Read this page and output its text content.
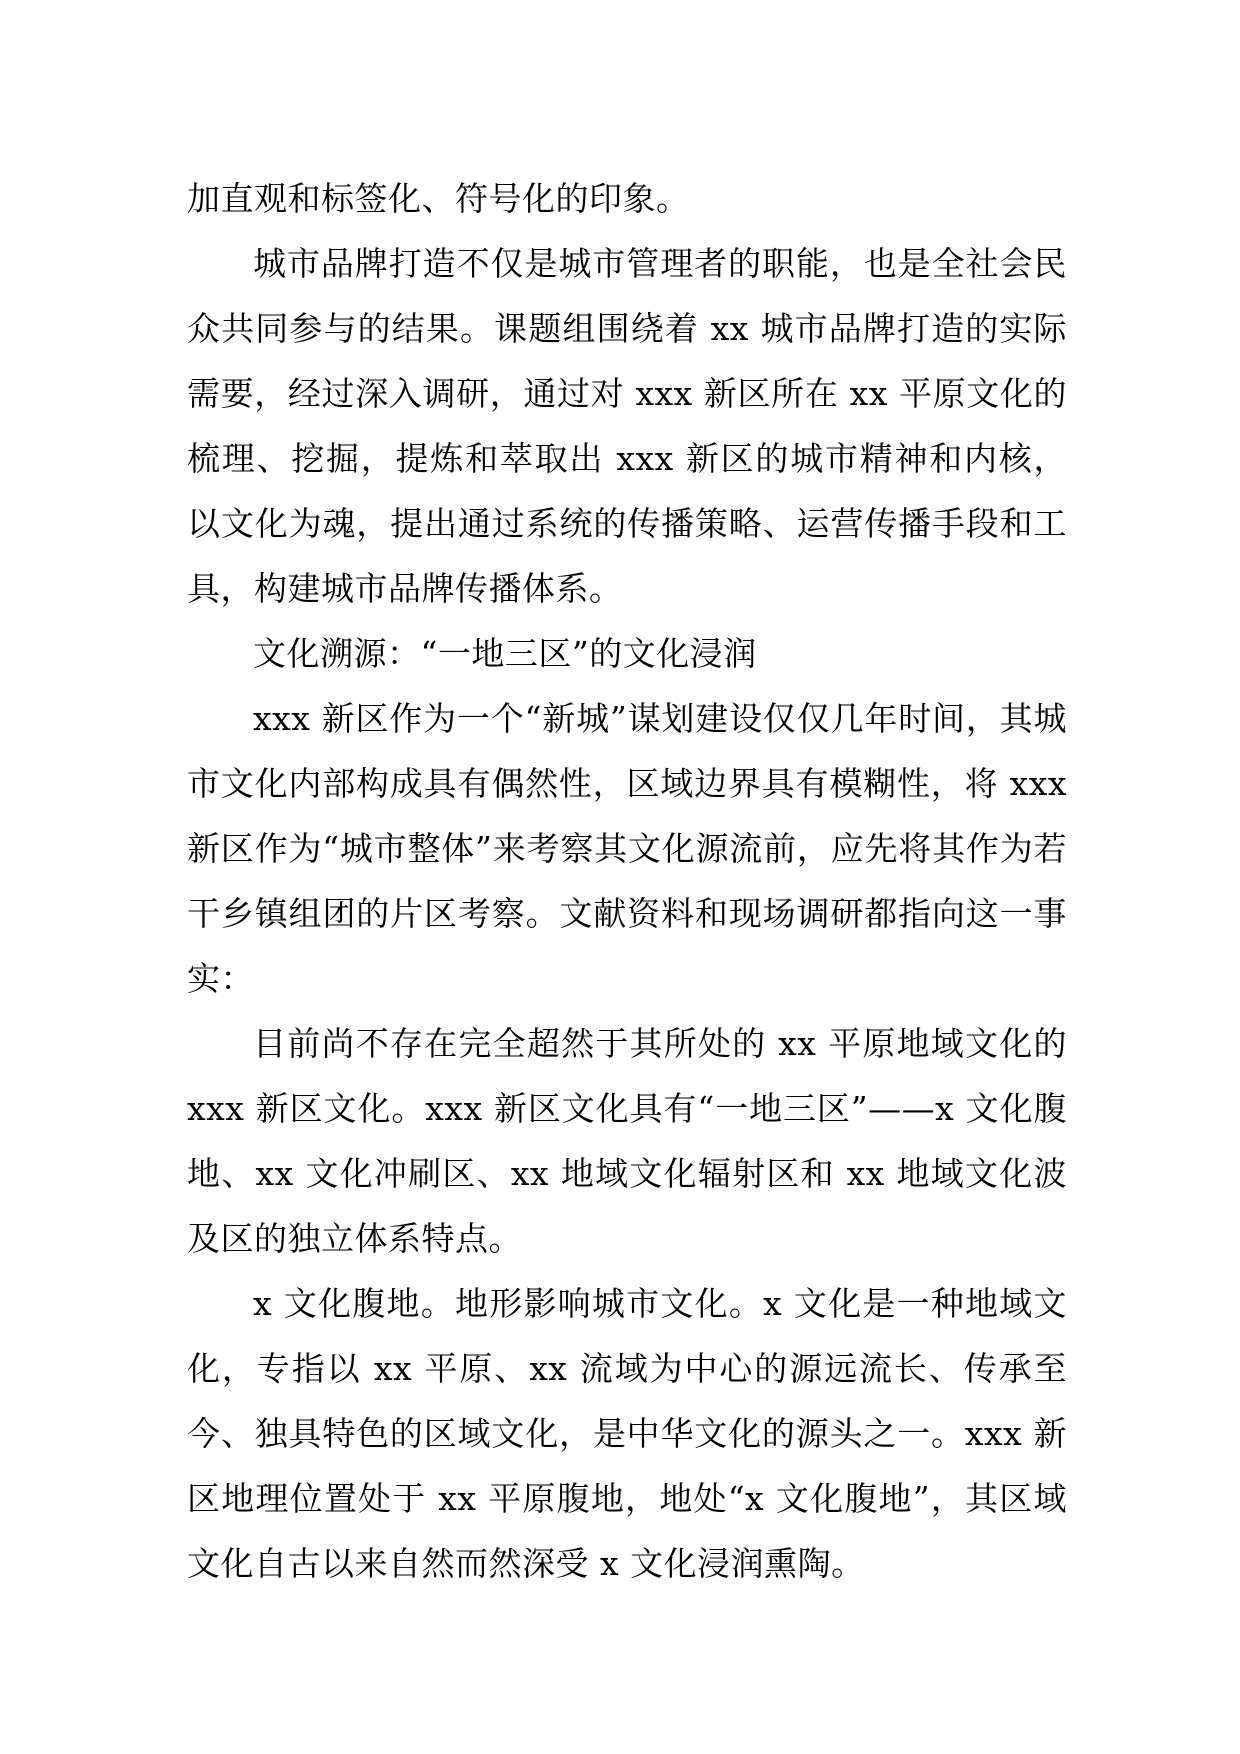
加直观和标签化、符号化的印象。

城市品牌打造不仅是城市管理者的职能，也是全社会民众共同参与的结果。课题组围绕着 xx 城市品牌打造的实际需要，经过深入调研，通过对 xxx 新区所在 xx 平原文化的梳理、挖掘，提炼和萃取出 xxx 新区的城市精神和内核，以文化为魂，提出通过系统的传播策略、运营传播手段和工具，构建城市品牌传播体系。

文化溯源：“一地三区”的文化浸润

xxx 新区作为一个“新城”谋划建设仅仅几年时间，其城市文化内部构成具有偶然性，区域边界具有模糊性，将 xxx 新区作为“城市整体”来考察其文化源流前，应先将其作为若干乡镇组团的片区考察。文献资料和现场调研都指向这一事实：

目前尚不存在完全超然于其所处的 xx 平原地域文化的 xxx 新区文化。xxx 新区文化具有“一地三区”——x 文化腹地、xx 文化冲刷区、xx 地域文化辐射区和 xx 地域文化波及区的独立体系特点。

x 文化腹地。地形影响城市文化。x 文化是一种地域文化，专指以 xx 平原、xx 流域为中心的源远流长、传承至今、独具特色的区域文化，是中华文化的源头之一。xxx 新区地理位置处于 xx 平原腹地，地处“x 文化腹地”，其区域文化自古以来自然而然深受 x 文化浸润熏陶。
